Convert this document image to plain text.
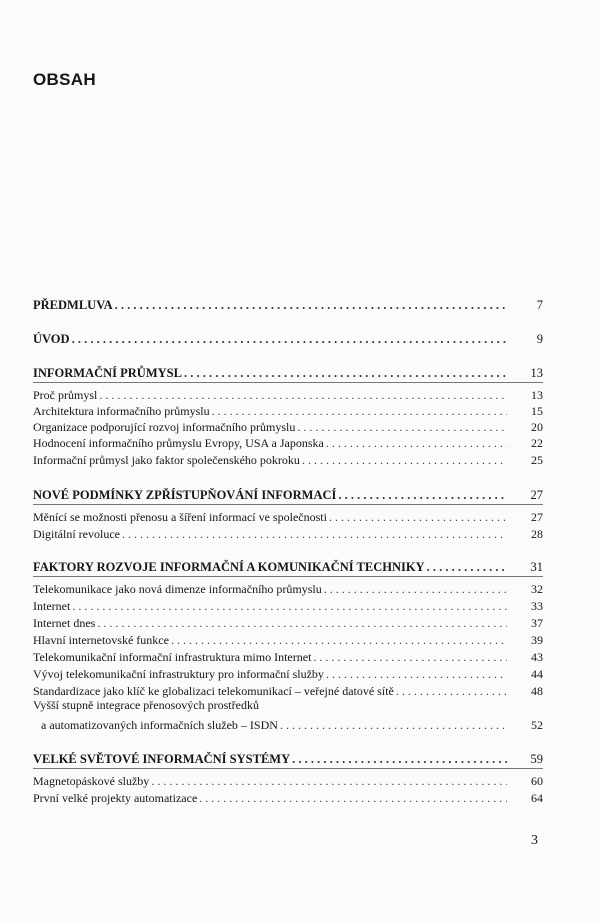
OBSAH
PŘEDMLUVA . . .	7
ÚVOD . . .	9
INFORMAČNÍ PRŮMYSL . . .	13
Proč průmysl . . .	13
Architektura informačního průmyslu . . .	15
Organizace podporující rozvoj informačního průmyslu . . .	20
Hodnocení informačního průmyslu Evropy, USA a Japonska . . .	22
Informační průmysl jako faktor společenského pokroku . . .	25
NOVÉ PODMÍNKY ZPŘÍSTUPŇOVÁNÍ INFORMACÍ . . .	27
Měnící se možnosti přenosu a šíření informací ve společnosti . . .	27
Digitální revoluce . . .	28
FAKTORY ROZVOJE INFORMAČNÍ A KOMUNIKAČNÍ TECHNIKY . . .	31
Telekomunikace jako nová dimenze informačního průmyslu . . .	32
Internet . . .	33
Internet dnes . . .	37
Hlavní internetovské funkce . . .	39
Telekomunikační informační infrastruktura mimo Internet . . .	43
Vývoj telekomunikační infrastruktury pro informační služby . . .	44
Standardizace jako klíč ke globalizaci telekomunikací – veřejné datové sítě . . .	48
Vyšší stupně integrace přenosových prostředků
a automatizovaných informačních služeb – ISDN . . .	52
VELKÉ SVĚTOVÉ INFORMAČNÍ SYSTÉMY . . .	59
Magnetopáskové služby . . .	60
První velké projekty automatizace . . .	64
3
